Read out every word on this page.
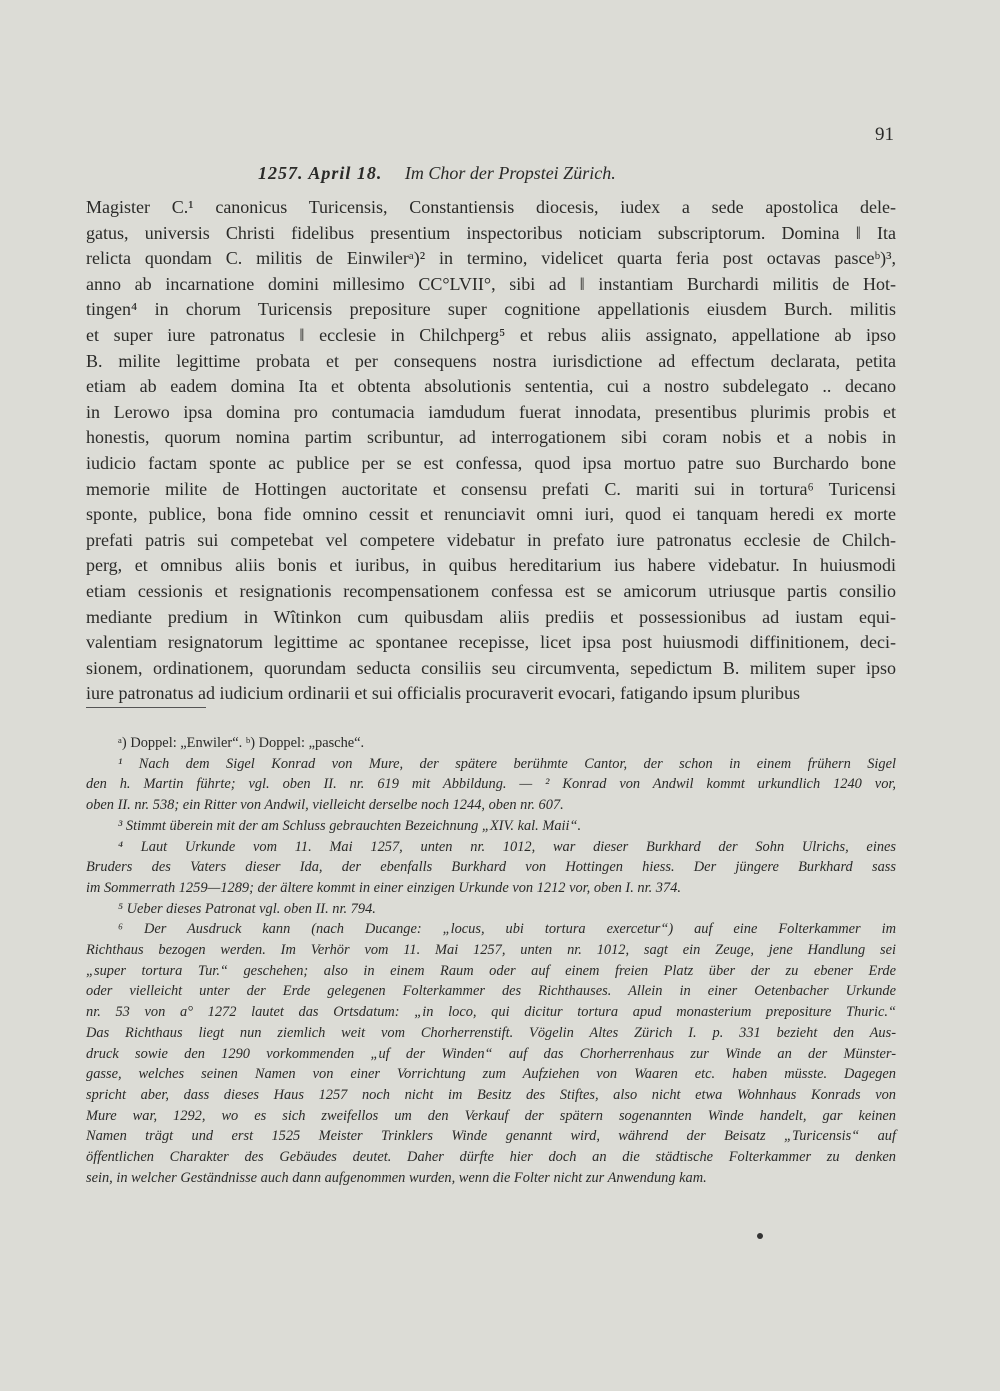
91
1257. April 18. Im Chor der Propstei Zürich.
Magister C.¹ canonicus Turicensis, Constantiensis diocesis, iudex a sede apostolica dele-
gatus, universis Christi fidelibus presentium inspectoribus noticiam subscriptorum. Domina ‖ Ita
relicta quondam C. militis de Einwilerᵃ)² in termino, videlicet quarta feria post octavas pasceᵇ)³,
anno ab incarnatione domini millesimo CC°LVII°, sibi ad ‖ instantiam Burchardi militis de Hot-
tingen⁴ in chorum Turicensis prepositure super cognitione appellationis eiusdem Burch. militis
et super iure patronatus ‖ ecclesie in Chilchperg⁵ et rebus aliis assignato, appellatione ab ipso
B. milite legittime probata et per consequens nostra iurisdictione ad effectum declarata, petita
etiam ab eadem domina Ita et obtenta absolutionis sententia, cui a nostro subdelegato .. decano
in Lerowo ipsa domina pro contumacia iamdudum fuerat innodata, presentibus plurimis probis et
honestis, quorum nomina partim scribuntur, ad interrogationem sibi coram nobis et a nobis in
iudicio factam sponte ac publice per se est confessa, quod ipsa mortuo patre suo Burchardo bone
memorie milite de Hottingen auctoritate et consensu prefati C. mariti sui in tortura⁶ Turicensi
sponte, publice, bona fide omnino cessit et renunciavit omni iuri, quod ei tanquam heredi ex morte
prefati patris sui competebat vel competere videbatur in prefato iure patronatus ecclesie de Chilch-
perg, et omnibus aliis bonis et iuribus, in quibus hereditarium ius habere videbatur. In huiusmodi
etiam cessionis et resignationis recompensationem confessa est se amicorum utriusque partis consilio
mediante predium in Wîtinkon cum quibusdam aliis prediis et possessionibus ad iustam equi-
valentiam resignatorum legittime ac spontanee recepisse, licet ipsa post huiusmodi diffinitionem, deci-
sionem, ordinationem, quorundam seducta consiliis seu circumventa, sepedictum B. militem super ipso
iure patronatus ad iudicium ordinarii et sui officialis procuraverit evocari, fatigando ipsum pluribus
ᵃ) Doppel: „Enwiler“. ᵇ) Doppel: „pasche“.
¹ Nach dem Sigel Konrad von Mure, der spätere berühmte Cantor, der schon in einem frühern Sigel
den h. Martin führte; vgl. oben II. nr. 619 mit Abbildung. — ² Konrad von Andwil kommt urkundlich 1240 vor,
oben II. nr. 538; ein Ritter von Andwil, vielleicht derselbe noch 1244, oben nr. 607.
³ Stimmt überein mit der am Schluss gebrauchten Bezeichnung „XIV. kal. Maii“.
⁴ Laut Urkunde vom 11. Mai 1257, unten nr. 1012, war dieser Burkhard der Sohn Ulrichs, eines
Bruders des Vaters dieser Ida, der ebenfalls Burkhard von Hottingen hiess. Der jüngere Burkhard sass
im Sommerrath 1259—1289; der ältere kommt in einer einzigen Urkunde von 1212 vor, oben I. nr. 374.
⁵ Ueber dieses Patronat vgl. oben II. nr. 794.
⁶ Der Ausdruck kann (nach Ducange: „locus, ubi tortura exercetur“) auf eine Folterkammer im
Richthaus bezogen werden. Im Verhör vom 11. Mai 1257, unten nr. 1012, sagt ein Zeuge, jene Handlung sei
„super tortura Tur.“ geschehen; also in einem Raum oder auf einem freien Platz über der zu ebener Erde
oder vielleicht unter der Erde gelegenen Folterkammer des Richthauses. Allein in einer Oetenbacher Urkunde
nr. 53 von a° 1272 lautet das Ortsdatum: „in loco, qui dicitur tortura apud monasterium prepositure Thuric.“
Das Richthaus liegt nun ziemlich weit vom Chorherrenstift. Vögelin Altes Zürich I. p. 331 bezieht den Aus-
druck sowie den 1290 vorkommenden „uf der Winden“ auf das Chorherrenhaus zur Winde an der Münster-
gasse, welches seinen Namen von einer Vorrichtung zum Aufziehen von Waaren etc. haben müsste. Dagegen
spricht aber, dass dieses Haus 1257 noch nicht im Besitz des Stiftes, also nicht etwa Wohnhaus Konrads von
Mure war, 1292, wo es sich zweifellos um den Verkauf der spätern sogenannten Winde handelt, gar keinen
Namen trägt und erst 1525 Meister Trinklers Winde genannt wird, während der Beisatz „Turicensis“ auf
öffentlichen Charakter des Gebäudes deutet. Daher dürfte hier doch an die städtische Folterkammer zu denken
sein, in welcher Geständnisse auch dann aufgenommen wurden, wenn die Folter nicht zur Anwendung kam.
